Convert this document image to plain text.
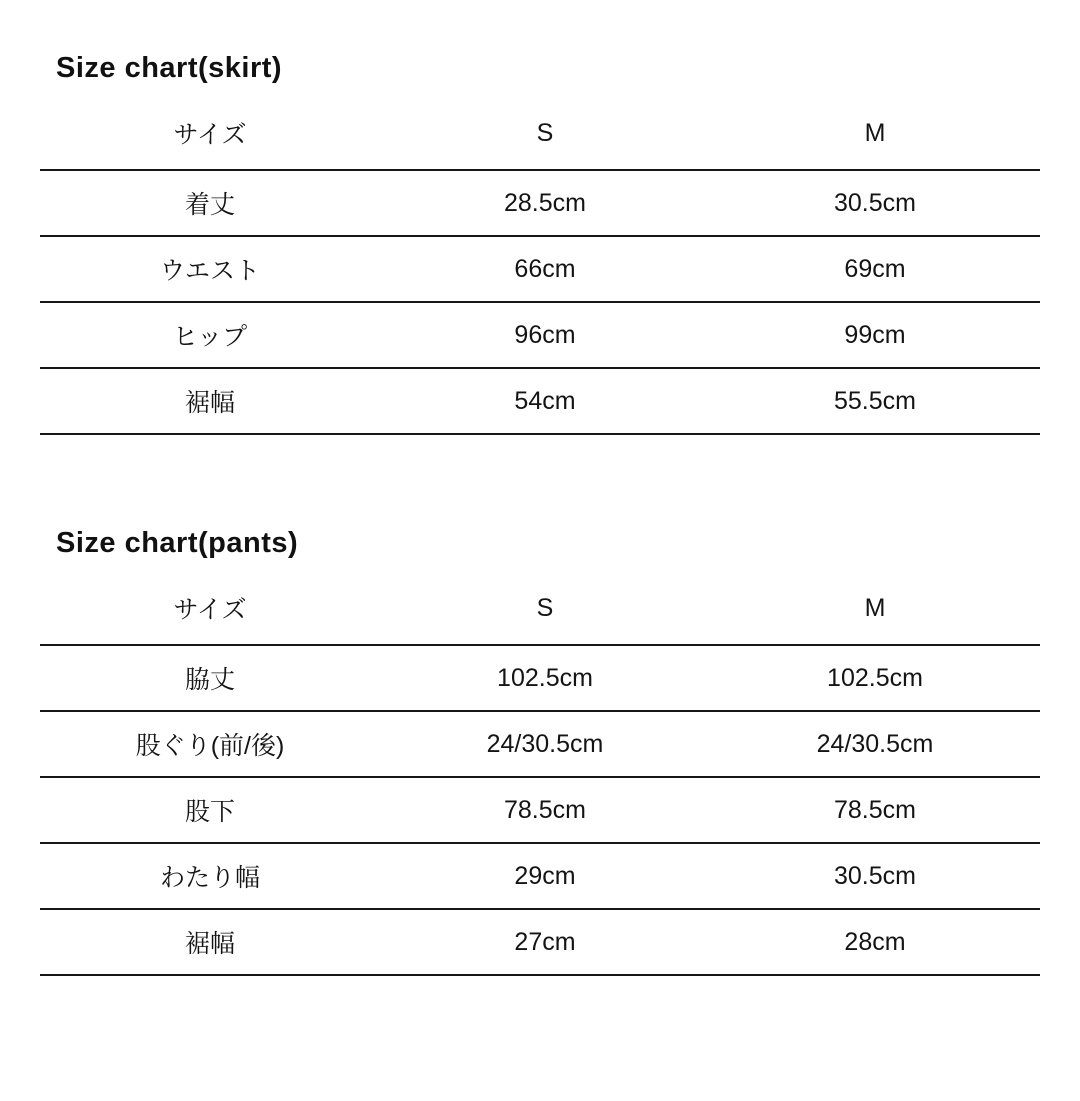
Size chart(skirt)
サイズ	S	M
着丈	28.5cm	30.5cm
ウエスト	66cm	69cm
ヒップ	96cm	99cm
裾幅	54cm	55.5cm
Size chart(pants)
サイズ	S	M
脇丈	102.5cm	102.5cm
股ぐり(前/後)	24/30.5cm	24/30.5cm
股下	78.5cm	78.5cm
わたり幅	29cm	30.5cm
裾幅	27cm	28cm
